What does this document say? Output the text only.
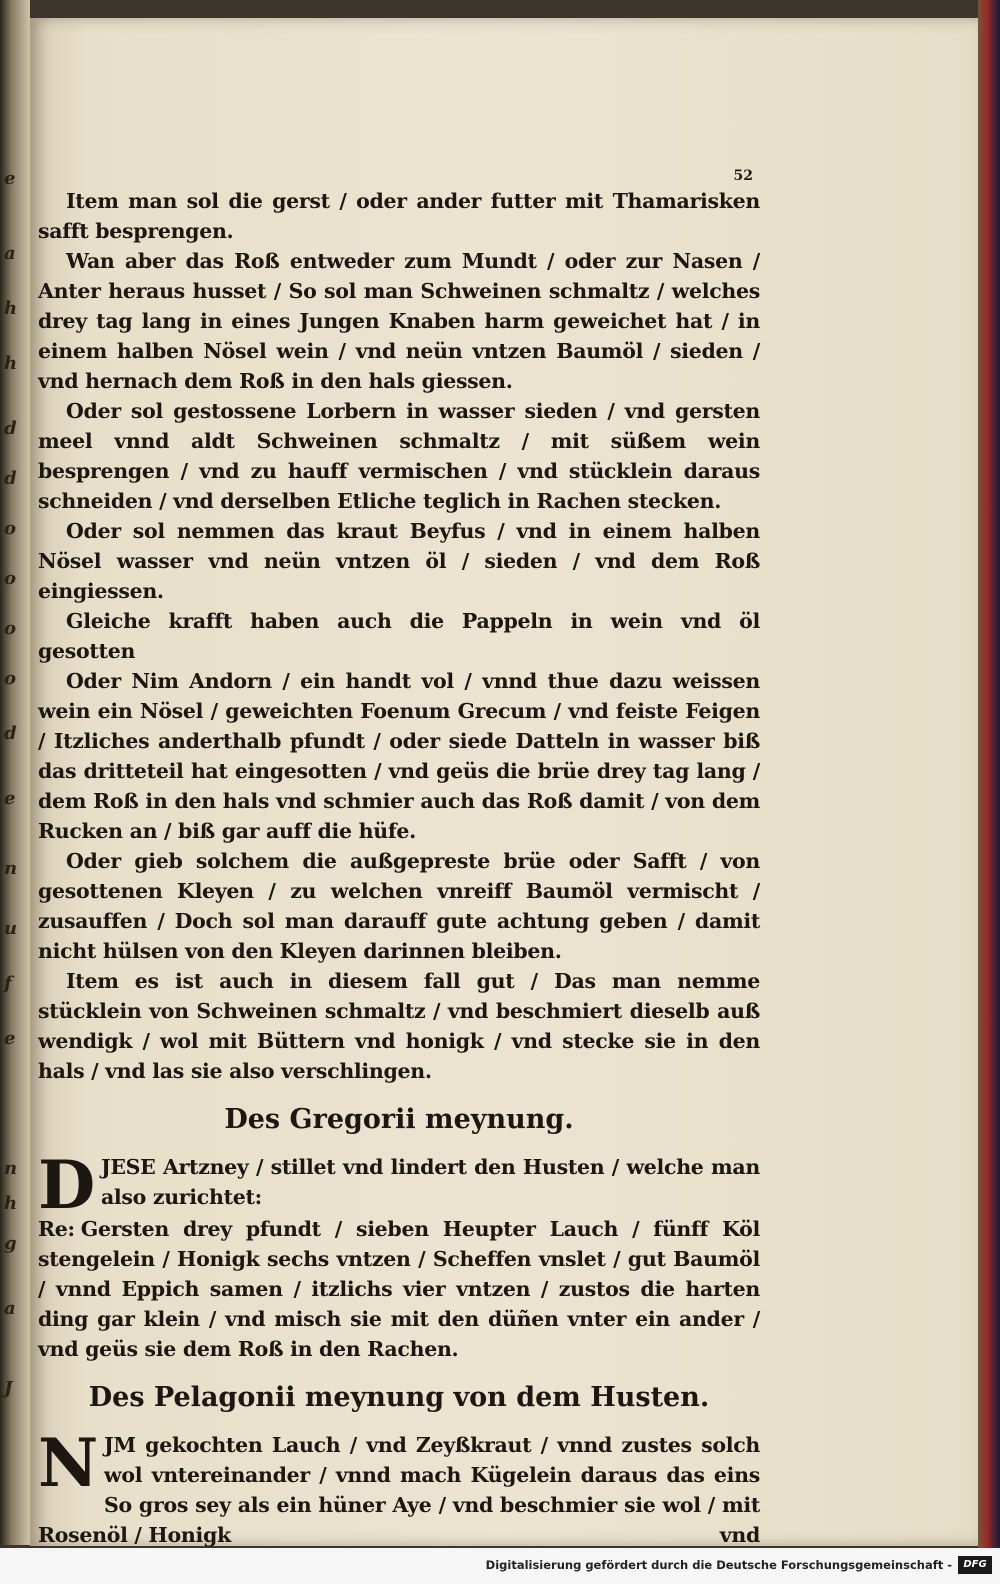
e
a
h
h
d
d
o
o
o
o
d
e
n
u
f
e
n
h
g
a
J
52

Item man sol die gerst / oder ander futter mit Thamarisken safft besprengen.

Wan aber das Roß entweder zum Mundt / oder zur Nasen / Anter heraus husset / So sol man Schweinen schmaltz / welches drey tag lang in eines Jungen Knaben harm geweichet hat / in einem halben Nösel wein / vnd neün vntzen Baumöl / sieden / vnd hernach dem Roß in den hals giessen.

Oder sol gestossene Lorbern in wasser sieden / vnd gersten meel vnnd aldt Schweinen schmaltz / mit süßem wein besprengen / vnd zu hauff vermischen / vnd stücklein daraus schneiden / vnd derselben Etliche teglich in Rachen stecken.

Oder sol nemmen das kraut Beyfus / vnd in einem halben Nösel wasser vnd neün vntzen öl / sieden / vnd dem Roß eingiessen.

Gleiche krafft haben auch die Pappeln in wein vnd öl gesotten

Oder Nim Andorn / ein handt vol / vnnd thue dazu weissen wein ein Nösel / geweichten Foenum Grecum / vnd feiste Feigen / Itzliches anderthalb pfundt / oder siede Datteln in wasser biß das dritteteil hat eingesotten / vnd geüs die brüe drey tag lang / dem Roß in den hals vnd schmier auch das Roß damit / von dem Rucken an / biß gar auff die hüfe.

Oder gieb solchem die außgepreste brüe oder Safft / von gesottenen Kleyen / zu welchen vnreiff Baumöl vermischt / zusauffen / Doch sol man darauff gute achtung geben / damit nicht hülsen von den Kleyen darinnen bleiben.

Item es ist auch in diesem fall gut / Das man nemme stücklein von Schweinen schmaltz / vnd beschmiert dieselb auß wendigk / wol mit Büttern vnd honigk / vnd stecke sie in den hals / vnd las sie also verschlingen.

Des Gregorii meynung.

DJESE Artzney / stillet vnd lindert den Husten / welche man also zurichtet:

Re: Gersten drey pfundt / sieben Heupter Lauch / fünff Köl stengelein / Honigk sechs vntzen / Scheffen vnslet / gut Baumöl / vnnd Eppich samen / itzlichs vier vntzen / zustos die harten ding gar klein / vnd misch sie mit den düñen vnter ein ander / vnd geüs sie dem Roß in den Rachen.

Des Pelagonii meynung von dem Husten.

NJM gekochten Lauch / vnd Zeyßkraut / vnnd zustes solch wol vntereinander / vnnd mach Kügelein daraus das eins So gros sey als ein hüner Aye / vnd beschmier sie wol / mit Rosenöl / Honigk	vnd

Digitalisierung gefördert durch die Deutsche Forschungsgemeinschaft -	DFG
